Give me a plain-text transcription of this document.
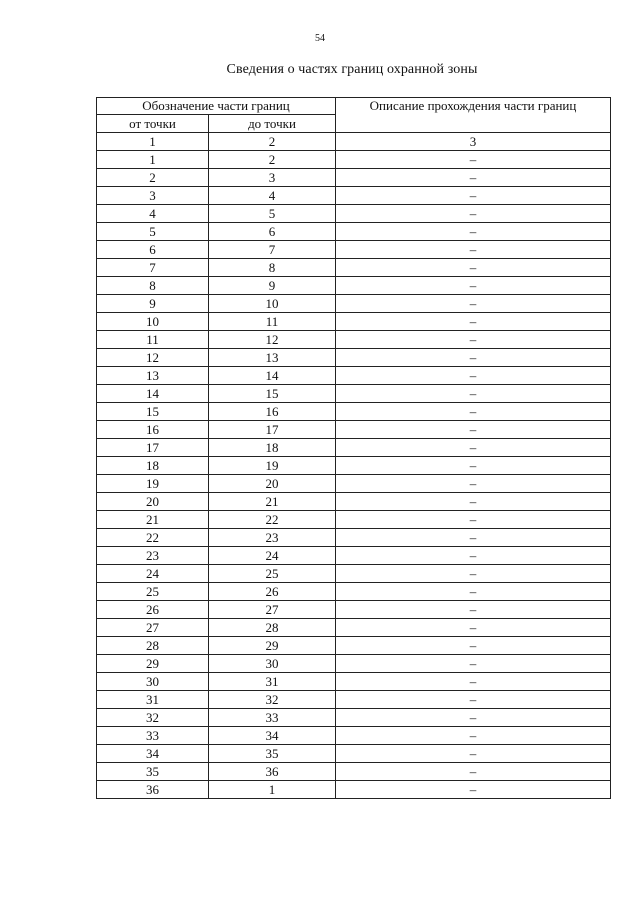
54
Сведения о частях границ охранной зоны
Обозначение части границ		Описание прохождения части границ
от точки	до точки	
1	2	3
1	2	–
2	3	–
3	4	–
4	5	–
5	6	–
6	7	–
7	8	–
8	9	–
9	10	–
10	11	–
11	12	–
12	13	–
13	14	–
14	15	–
15	16	–
16	17	–
17	18	–
18	19	–
19	20	–
20	21	–
21	22	–
22	23	–
23	24	–
24	25	–
25	26	–
26	27	–
27	28	–
28	29	–
29	30	–
30	31	–
31	32	–
32	33	–
33	34	–
34	35	–
35	36	–
36	1	–
